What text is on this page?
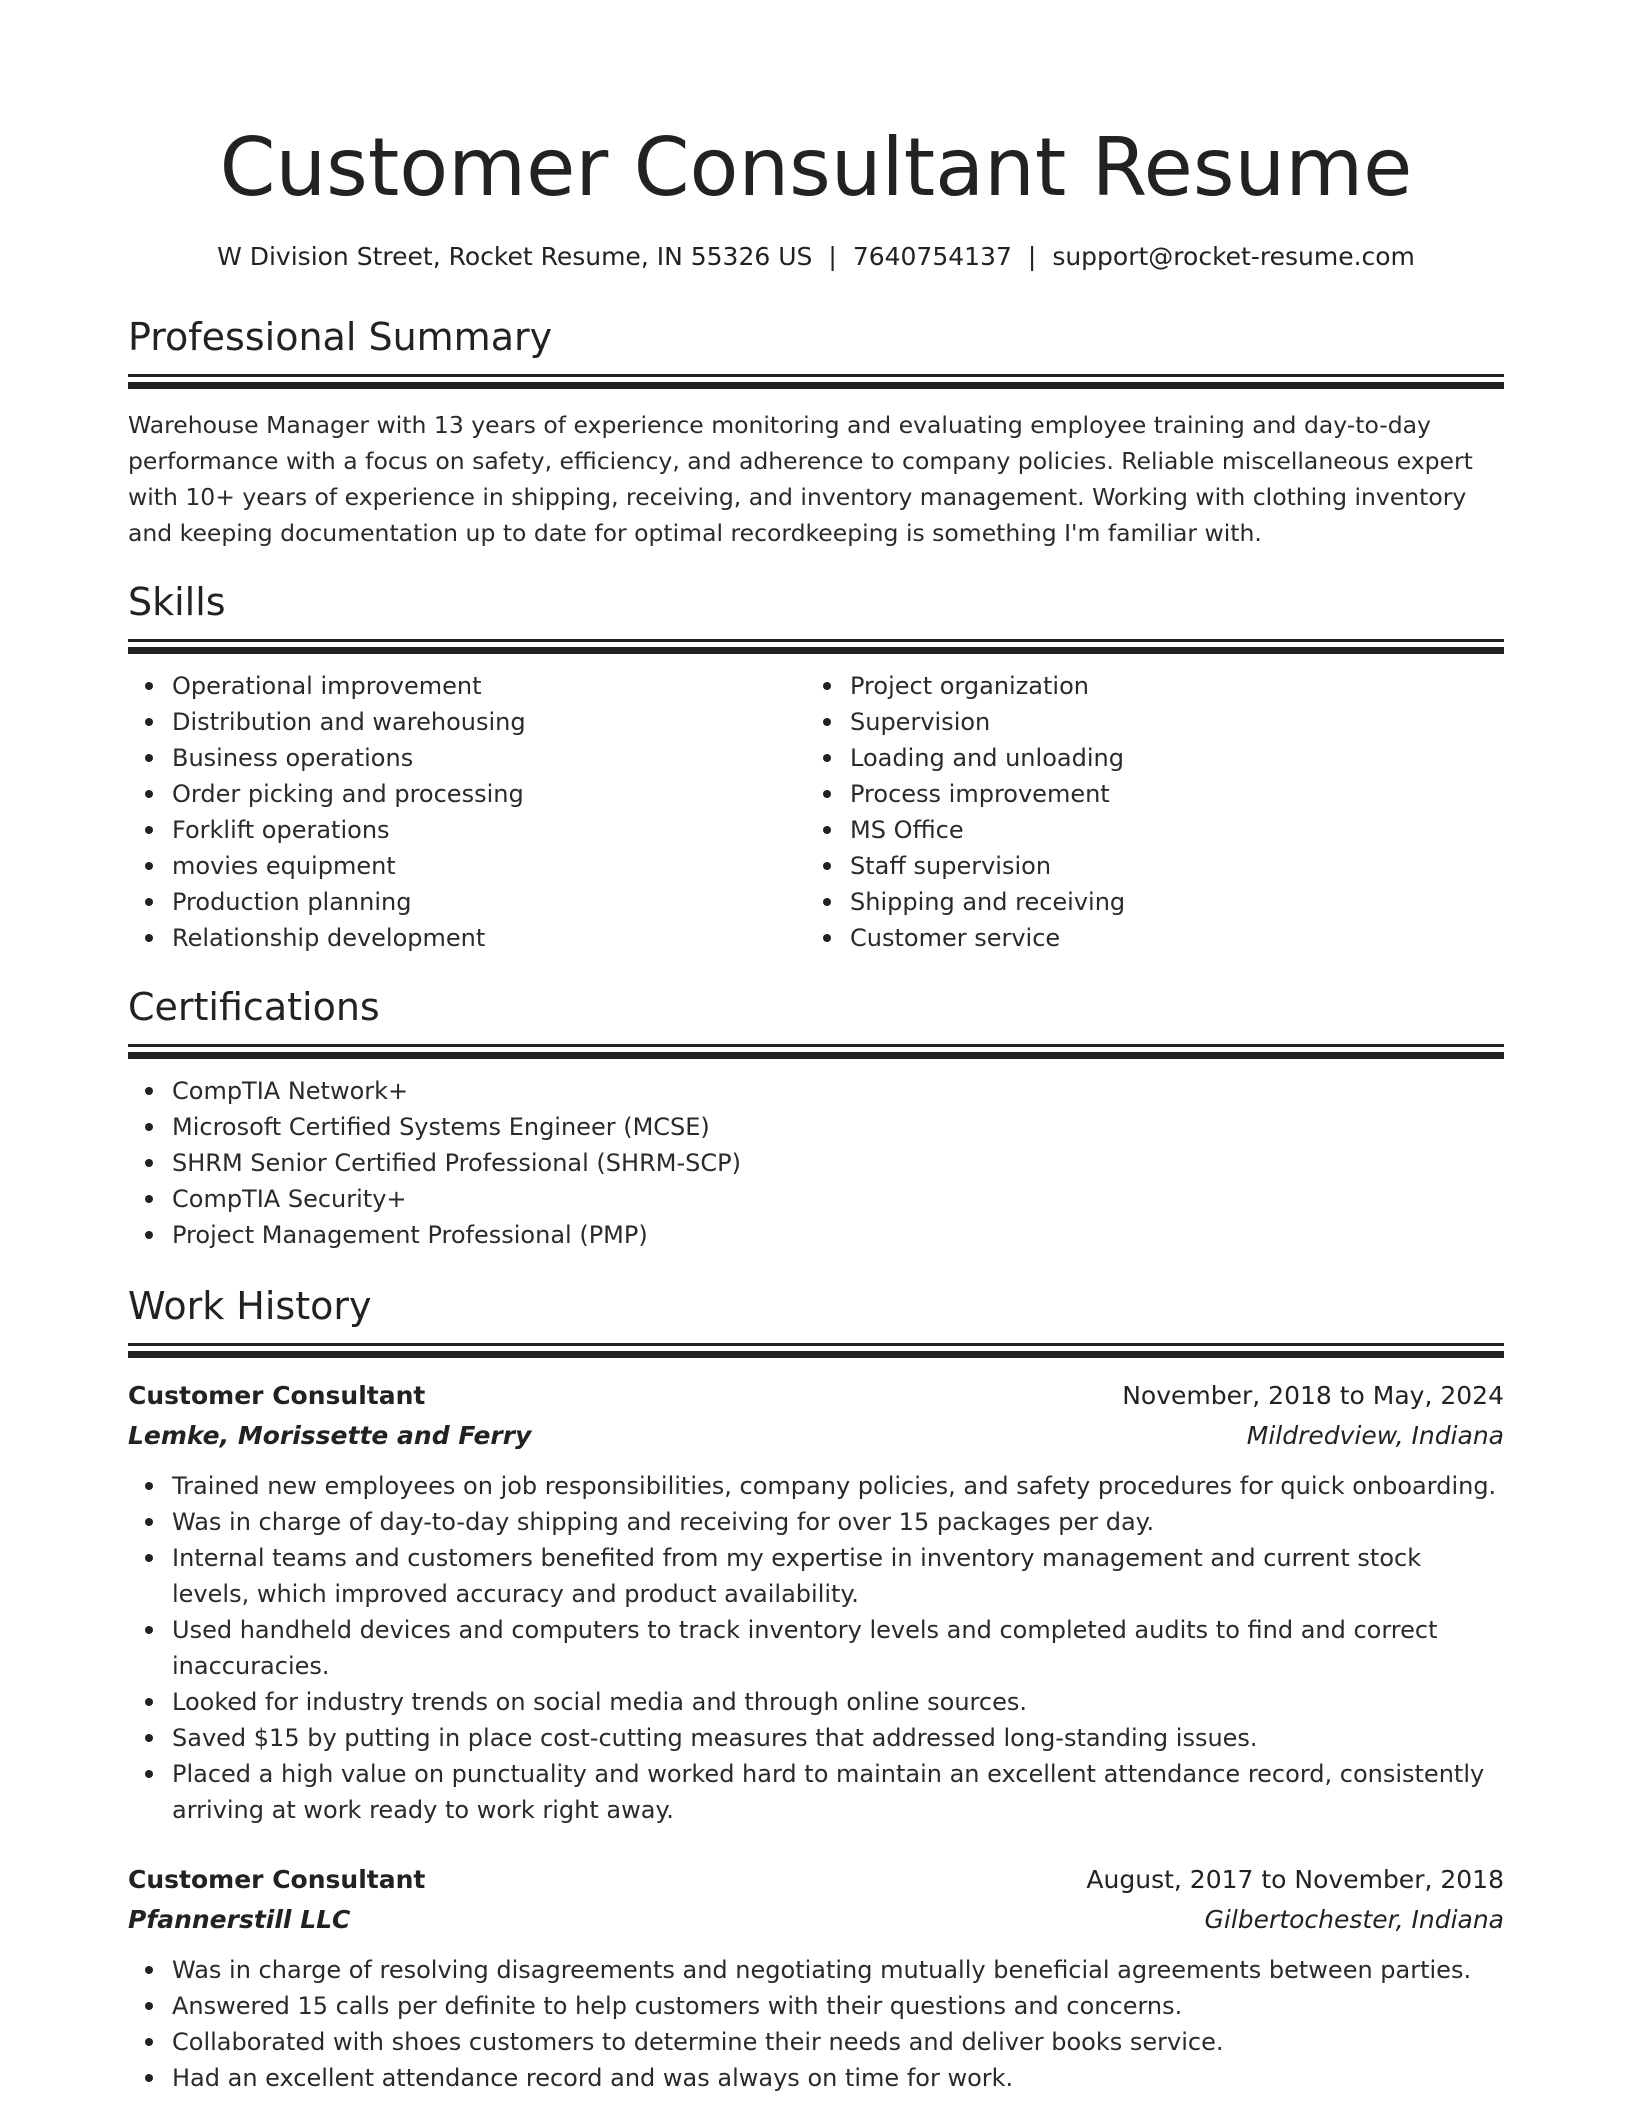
Customer Consultant Resume
W Division Street, Rocket Resume, IN 55326 US | 7640754137 | support@rocket-resume.com
Professional Summary
Warehouse Manager with 13 years of experience monitoring and evaluating employee training and day-to-day performance with a focus on safety, efficiency, and adherence to company policies. Reliable miscellaneous expert with 10+ years of experience in shipping, receiving, and inventory management. Working with clothing inventory and keeping documentation up to date for optimal recordkeeping is something I'm familiar with.
Skills
Operational improvement
Distribution and warehousing
Business operations
Order picking and processing
Forklift operations
movies equipment
Production planning
Relationship development
Project organization
Supervision
Loading and unloading
Process improvement
MS Office
Staff supervision
Shipping and receiving
Customer service
Certifications
CompTIA Network+
Microsoft Certified Systems Engineer (MCSE)
SHRM Senior Certified Professional (SHRM-SCP)
CompTIA Security+
Project Management Professional (PMP)
Work History
Customer Consultant	November, 2018 to May, 2024
Lemke, Morissette and Ferry	Mildredview, Indiana
Trained new employees on job responsibilities, company policies, and safety procedures for quick onboarding.
Was in charge of day-to-day shipping and receiving for over 15 packages per day.
Internal teams and customers benefited from my expertise in inventory management and current stock levels, which improved accuracy and product availability.
Used handheld devices and computers to track inventory levels and completed audits to find and correct inaccuracies.
Looked for industry trends on social media and through online sources.
Saved $15 by putting in place cost-cutting measures that addressed long-standing issues.
Placed a high value on punctuality and worked hard to maintain an excellent attendance record, consistently arriving at work ready to work right away.
Customer Consultant	August, 2017 to November, 2018
Pfannerstill LLC	Gilbertochester, Indiana
Was in charge of resolving disagreements and negotiating mutually beneficial agreements between parties.
Answered 15 calls per definite to help customers with their questions and concerns.
Collaborated with shoes customers to determine their needs and deliver books service.
Had an excellent attendance record and was always on time for work.
